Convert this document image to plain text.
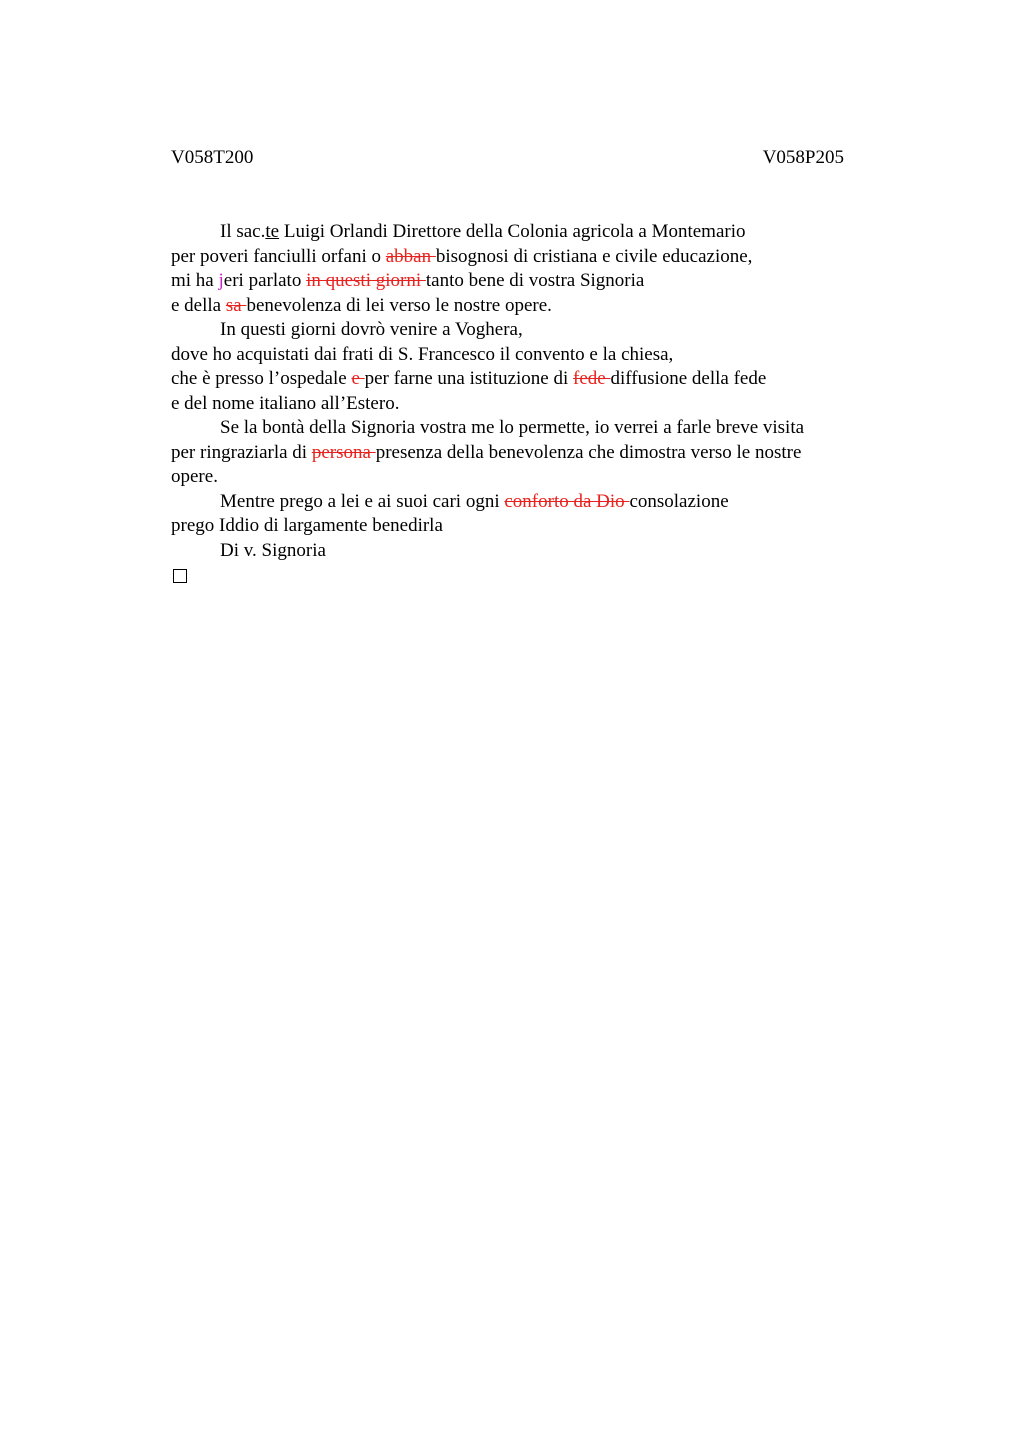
V058T200	V058P205
Il sac.te Luigi Orlandi Direttore della Colonia agricola a Montemario
per poveri fanciulli orfani o abban bisognosi di cristiana e civile educazione,
mi ha jeri parlato in questi giorni tanto bene di vostra Signoria
e della sa benevolenza di lei verso le nostre opere.
In questi giorni dovrò venire a Voghera,
dove ho acquistati dai frati di S. Francesco il convento e la chiesa,
che è presso l’ospedale e per farne una istituzione di fede diffusione della fede
e del nome italiano all’Estero.
Se la bontà della Signoria vostra me lo permette, io verrei a farle breve visita
per ringraziarla di persona presenza della benevolenza che dimostra verso le nostre
opere.
Mentre prego a lei e ai suoi cari ogni conforto da Dio consolazione
prego Iddio di largamente benedirla
Di v. Signoria
